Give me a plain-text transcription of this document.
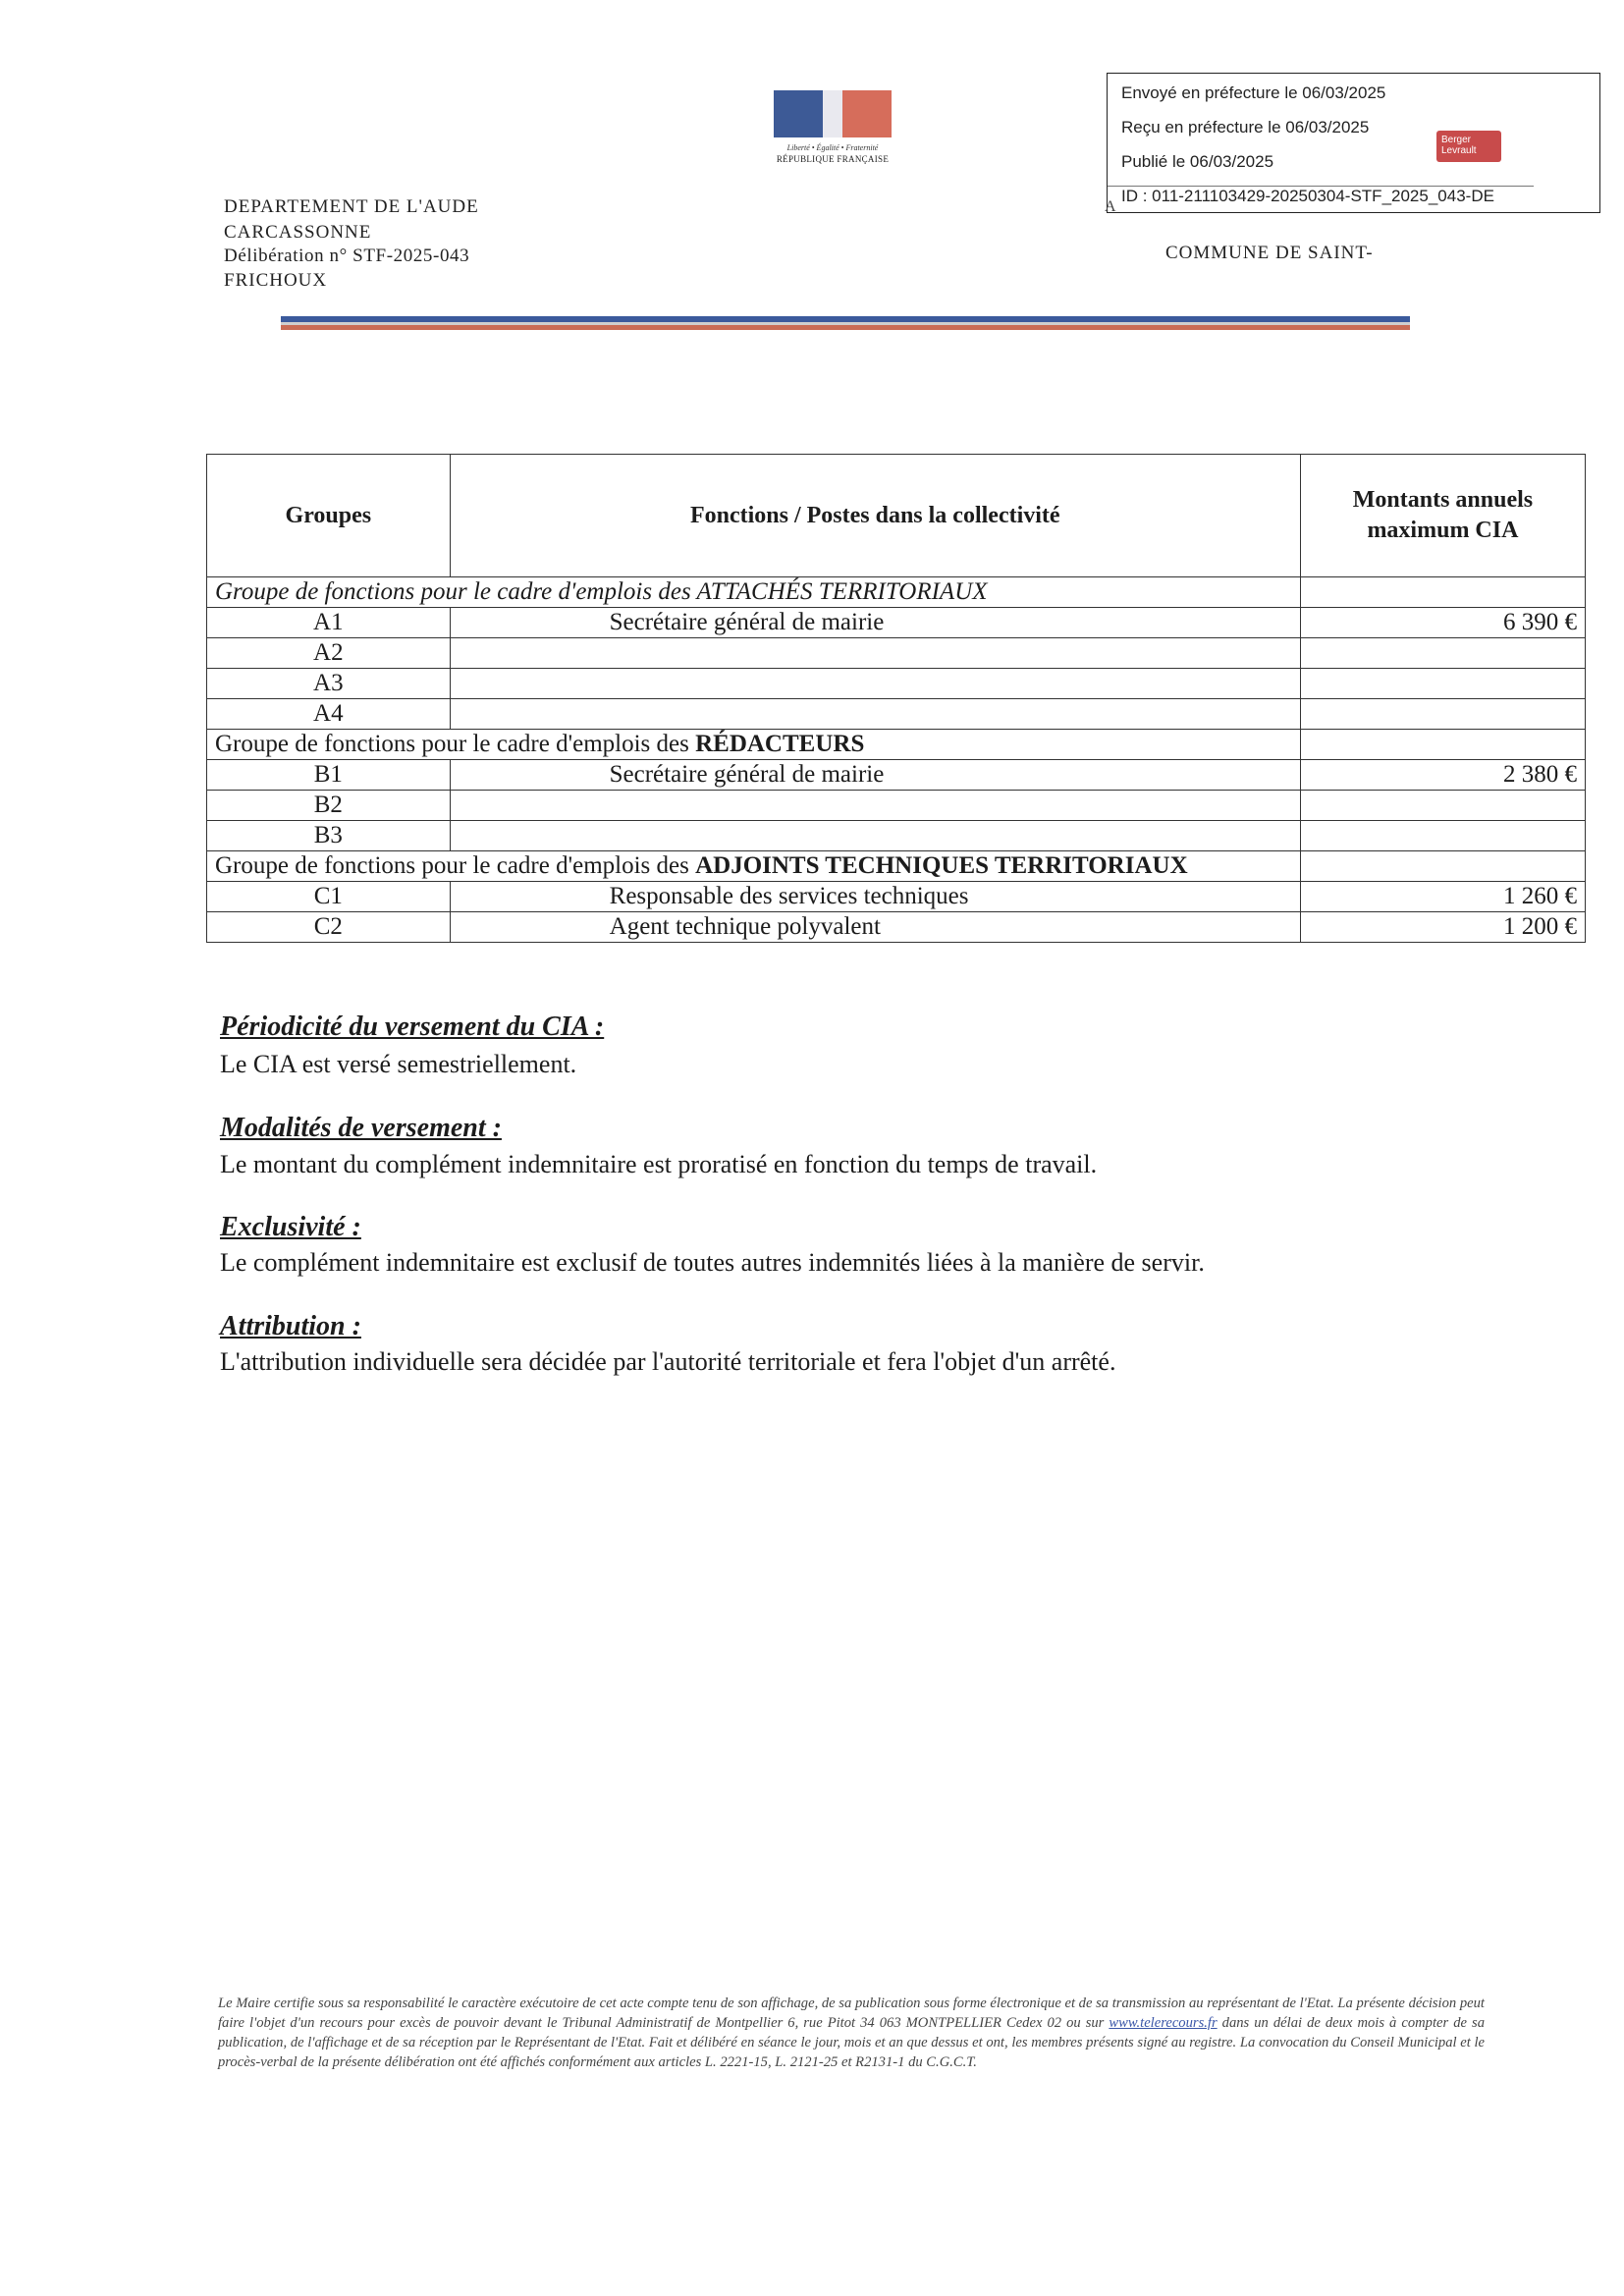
Liberté • Égalité • Fraternité
RÉPUBLIQUE FRANÇAISE
Envoyé en préfecture le 06/03/2025
Reçu en préfecture le 06/03/2025
Publié le 06/03/2025
ID : 011-211103429-20250304-STF_2025_043-DE
Berger Levrault
DEPARTEMENT DE L'AUDE
CARCASSONNE
Délibération n° STF-2025-043
FRICHOUX
COMMUNE DE SAINT-
A
Groupes	Fonctions / Postes dans la collectivité	Montants annuels maximum CIA
Groupe de fonctions pour le cadre d'emplois des ATTACHÉS TERRITORIAUX		
A1	Secrétaire général de mairie	6 390 €
A2		
A3		
A4		
Groupe de fonctions pour le cadre d'emplois des RÉDACTEURS		
B1	Secrétaire général de mairie	2 380 €
B2		
B3		
Groupe de fonctions pour le cadre d'emplois des ADJOINTS TECHNIQUES TERRITORIAUX		
C1	Responsable des services techniques	1 260 €
C2	Agent technique polyvalent	1 200 €
Périodicité du versement du CIA :
Le CIA est versé semestriellement.
Modalités de versement :
Le montant du complément indemnitaire est proratisé en fonction du temps de travail.
Exclusivité :
Le complément indemnitaire est exclusif de toutes autres indemnités liées à la manière de servir.
Attribution :
L'attribution individuelle sera décidée par l'autorité territoriale et fera l'objet d'un arrêté.
Le Maire certifie sous sa responsabilité le caractère exécutoire de cet acte compte tenu de son affichage, de sa publication sous forme électronique et de sa transmission au représentant de l'Etat. La présente décision peut faire l'objet d'un recours pour excès de pouvoir devant le Tribunal Administratif de Montpellier 6, rue Pitot 34 063 MONTPELLIER Cedex 02 ou sur www.telerecours.fr dans un délai de deux mois à compter de sa publication, de l'affichage et de sa réception par le Représentant de l'Etat. Fait et délibéré en séance le jour, mois et an que dessus et ont, les membres présents signé au registre. La convocation du Conseil Municipal et le procès-verbal de la présente délibération ont été affichés conformément aux articles L. 2221-15, L. 2121-25 et R2131-1 du C.G.C.T.
